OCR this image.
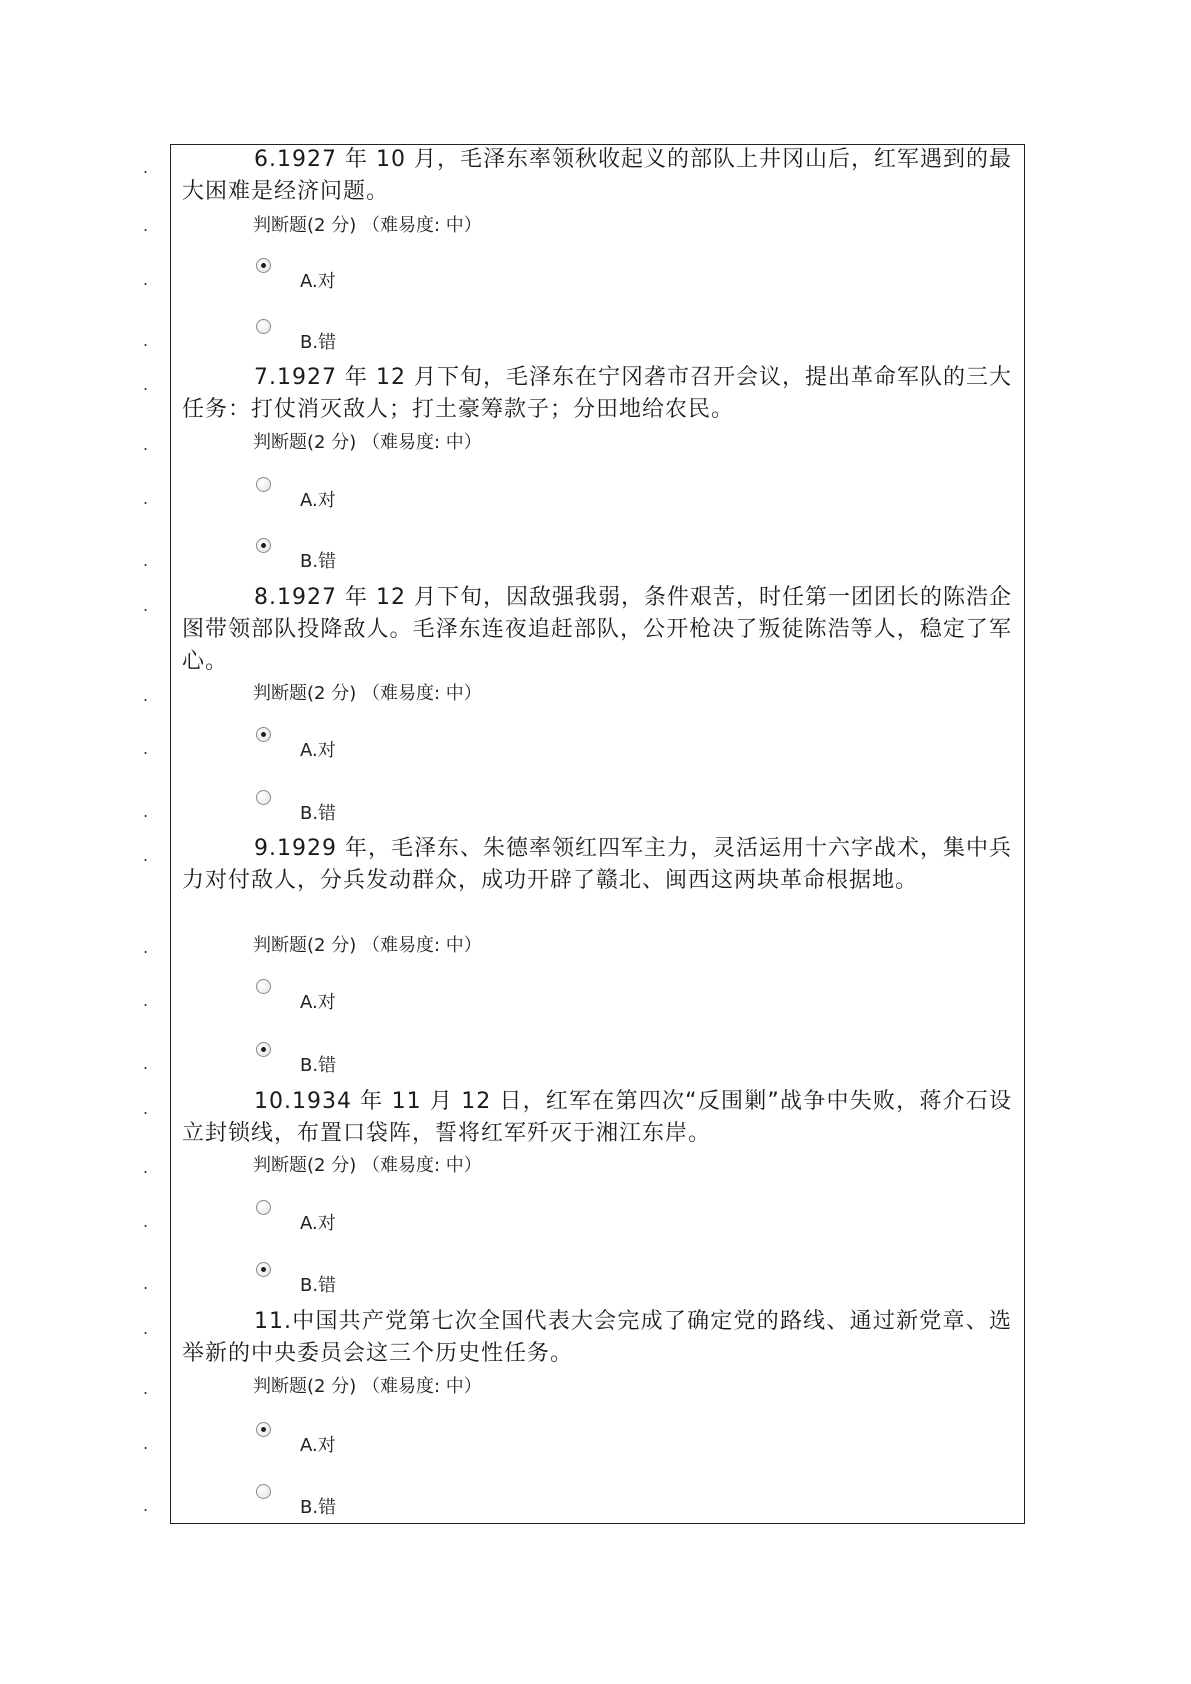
.	6.1927 年 10 月，毛泽东率领秋收起义的部队上井冈山后，红军遇到的最大困难是经济问题。
.	判断题(2 分) （难易度: 中）
.	A.对
.	B.错
.	7.1927 年 12 月下旬，毛泽东在宁冈砻市召开会议，提出革命军队的三大任务：打仗消灭敌人；打土豪筹款子；分田地给农民。
.	判断题(2 分) （难易度: 中）
.	A.对
.	B.错
.	8.1927 年 12 月下旬，因敌强我弱，条件艰苦，时任第一团团长的陈浩企图带领部队投降敌人。毛泽东连夜追赶部队，公开枪决了叛徒陈浩等人，稳定了军心。
.	判断题(2 分) （难易度: 中）
.	A.对
.	B.错
.	9.1929 年，毛泽东、朱德率领红四军主力，灵活运用十六字战术，集中兵力对付敌人，分兵发动群众，成功开辟了赣北、闽西这两块革命根据地。
.	判断题(2 分) （难易度: 中）
.	A.对
.	B.错
.	10.1934 年 11 月 12 日，红军在第四次“反围剿”战争中失败，蒋介石设立封锁线，布置口袋阵，誓将红军歼灭于湘江东岸。
.	判断题(2 分) （难易度: 中）
.	A.对
.	B.错
.	11.中国共产党第七次全国代表大会完成了确定党的路线、通过新党章、选举新的中央委员会这三个历史性任务。
.	判断题(2 分) （难易度: 中）
.	A.对
.	B.错
